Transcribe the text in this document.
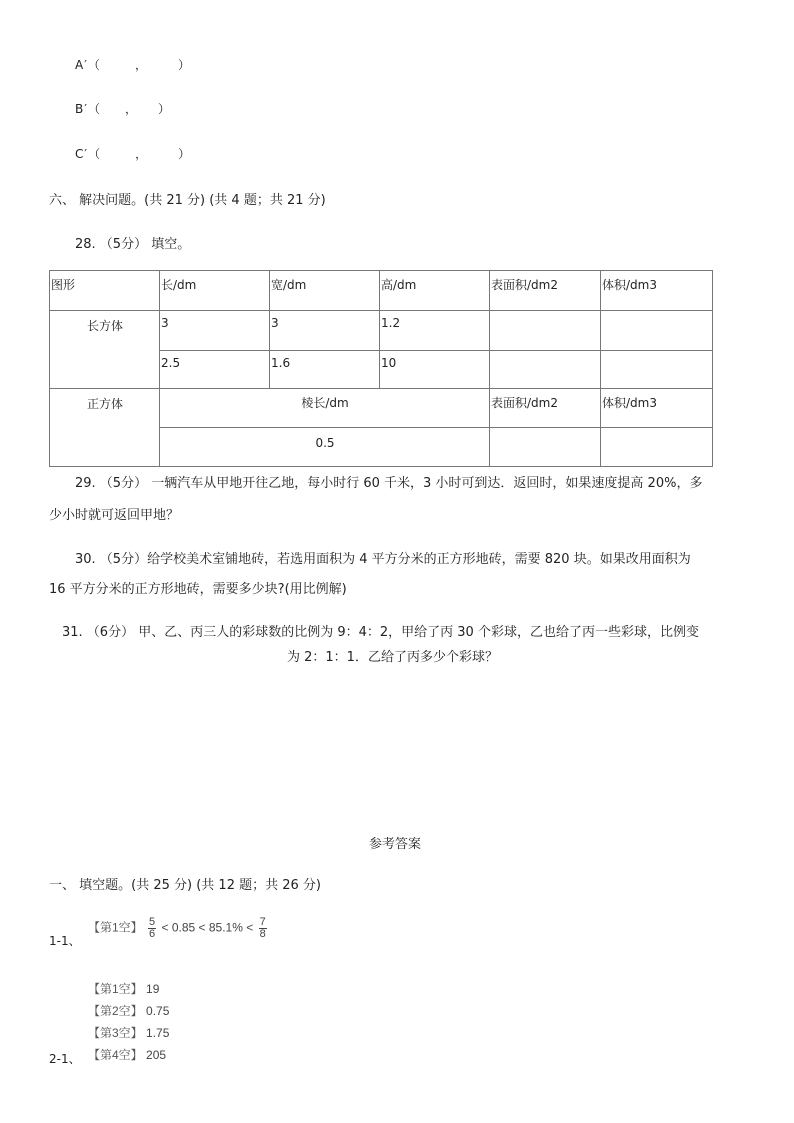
A′（	，	）
B′（ ， ）
C′（	，	）
六、 解决问题。(共 21 分) (共 4 题；共 21 分)
28. （5分） 填空。
图形	长/dm	宽/dm	高/dm	表面积/dm2	体积/dm3
长方体	3	3	1.2		
	2.5	1.6	10		
正方体	棱长/dm			表面积/dm2	体积/dm3
	0.5				
29. （5分） 一辆汽车从甲地开往乙地，每小时行 60 千米，3 小时可到达．返回时，如果速度提高 20%，多
少小时就可返回甲地？
30. （5分）给学校美术室铺地砖，若选用面积为 4 平方分米的正方形地砖，需要 820 块。如果改用面积为
16 平方分米的正方形地砖，需要多少块?(用比例解)
31. （6分） 甲、乙、丙三人的彩球数的比例为 9：4：2，甲给了丙 30 个彩球，乙也给了丙一些彩球，比例变
为 2：1：1．乙给了丙多少个彩球？
参考答案
一、 填空题。(共 25 分) (共 12 题；共 26 分)
1-1、
【第1空】 $\frac{5}{6} < 0.85 < 85.1\% < \frac{7}{8}$
【第1空】 19
【第2空】 0.75
【第3空】 1.75
【第4空】 205
2-1、
